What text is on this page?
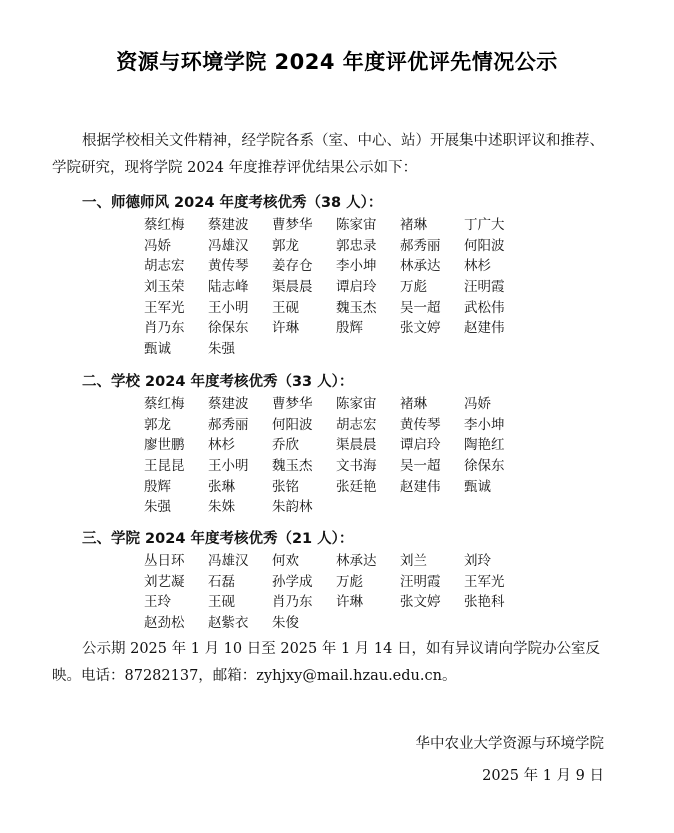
资源与环境学院 2024 年度评优评先情况公示

根据学校相关文件精神，经学院各系（室、中心、站）开展集中述职评议和推荐、学院研究，现将学院 2024 年度推荐评优结果公示如下：

一、师德师风 2024 年度考核优秀（38 人）：
蔡红梅	蔡建波	曹梦华	陈家宙	褚琳	丁广大
冯娇	冯雄汉	郭龙	郭忠录	郝秀丽	何阳波
胡志宏	黄传琴	姜存仓	李小坤	林承达	林杉
刘玉荣	陆志峰	渠晨晨	谭启玲	万彪	汪明霞
王军光	王小明	王砚	魏玉杰	吴一超	武松伟
肖乃东	徐保东	许琳	殷辉	张文婷	赵建伟
甄诚	朱强
二、学校 2024 年度考核优秀（33 人）：
蔡红梅	蔡建波	曹梦华	陈家宙	褚琳	冯娇
郭龙	郝秀丽	何阳波	胡志宏	黄传琴	李小坤
廖世鹏	林杉	乔欣	渠晨晨	谭启玲	陶艳红
王昆昆	王小明	魏玉杰	文书海	吴一超	徐保东
殷辉	张琳	张铭	张廷艳	赵建伟	甄诚
朱强	朱姝	朱韵林
三、学院 2024 年度考核优秀（21 人）：
丛日环	冯雄汉	何欢	林承达	刘兰	刘玲
刘艺凝	石磊	孙学成	万彪	汪明霞	王军光
王玲	王砚	肖乃东	许琳	张文婷	张艳科
赵劲松	赵紫衣	朱俊

公示期 2025 年 1 月 10 日至 2025 年 1 月 14 日，如有异议请向学院办公室反映。电话：87282137，邮箱：zyhjxy@mail.hzau.edu.cn。

华中农业大学资源与环境学院
2025 年 1 月 9 日
